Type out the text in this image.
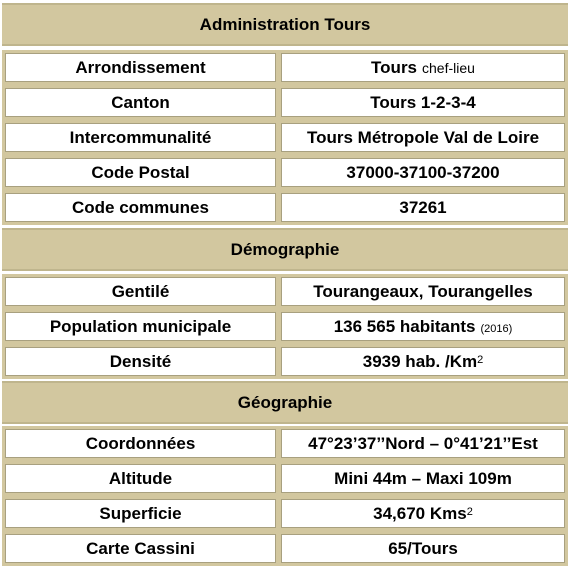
Administration Tours
Arrondissement	Tours chef-lieu
Canton	Tours 1-2-3-4
Intercommunalité	Tours Métropole Val de Loire
Code Postal	37000-37100-37200
Code communes	37261
Démographie
Gentilé	Tourangeaux, Tourangelles
Population municipale	136 565 habitants (2016)
Densité	3939 hab. /Km$^2$
Géographie
Coordonnées	47°23’37’’Nord – 0°41’21’’Est
Altitude	Mini 44m – Maxi 109m
Superficie	34,670 Kms$^2$
Carte Cassini	65/Tours
